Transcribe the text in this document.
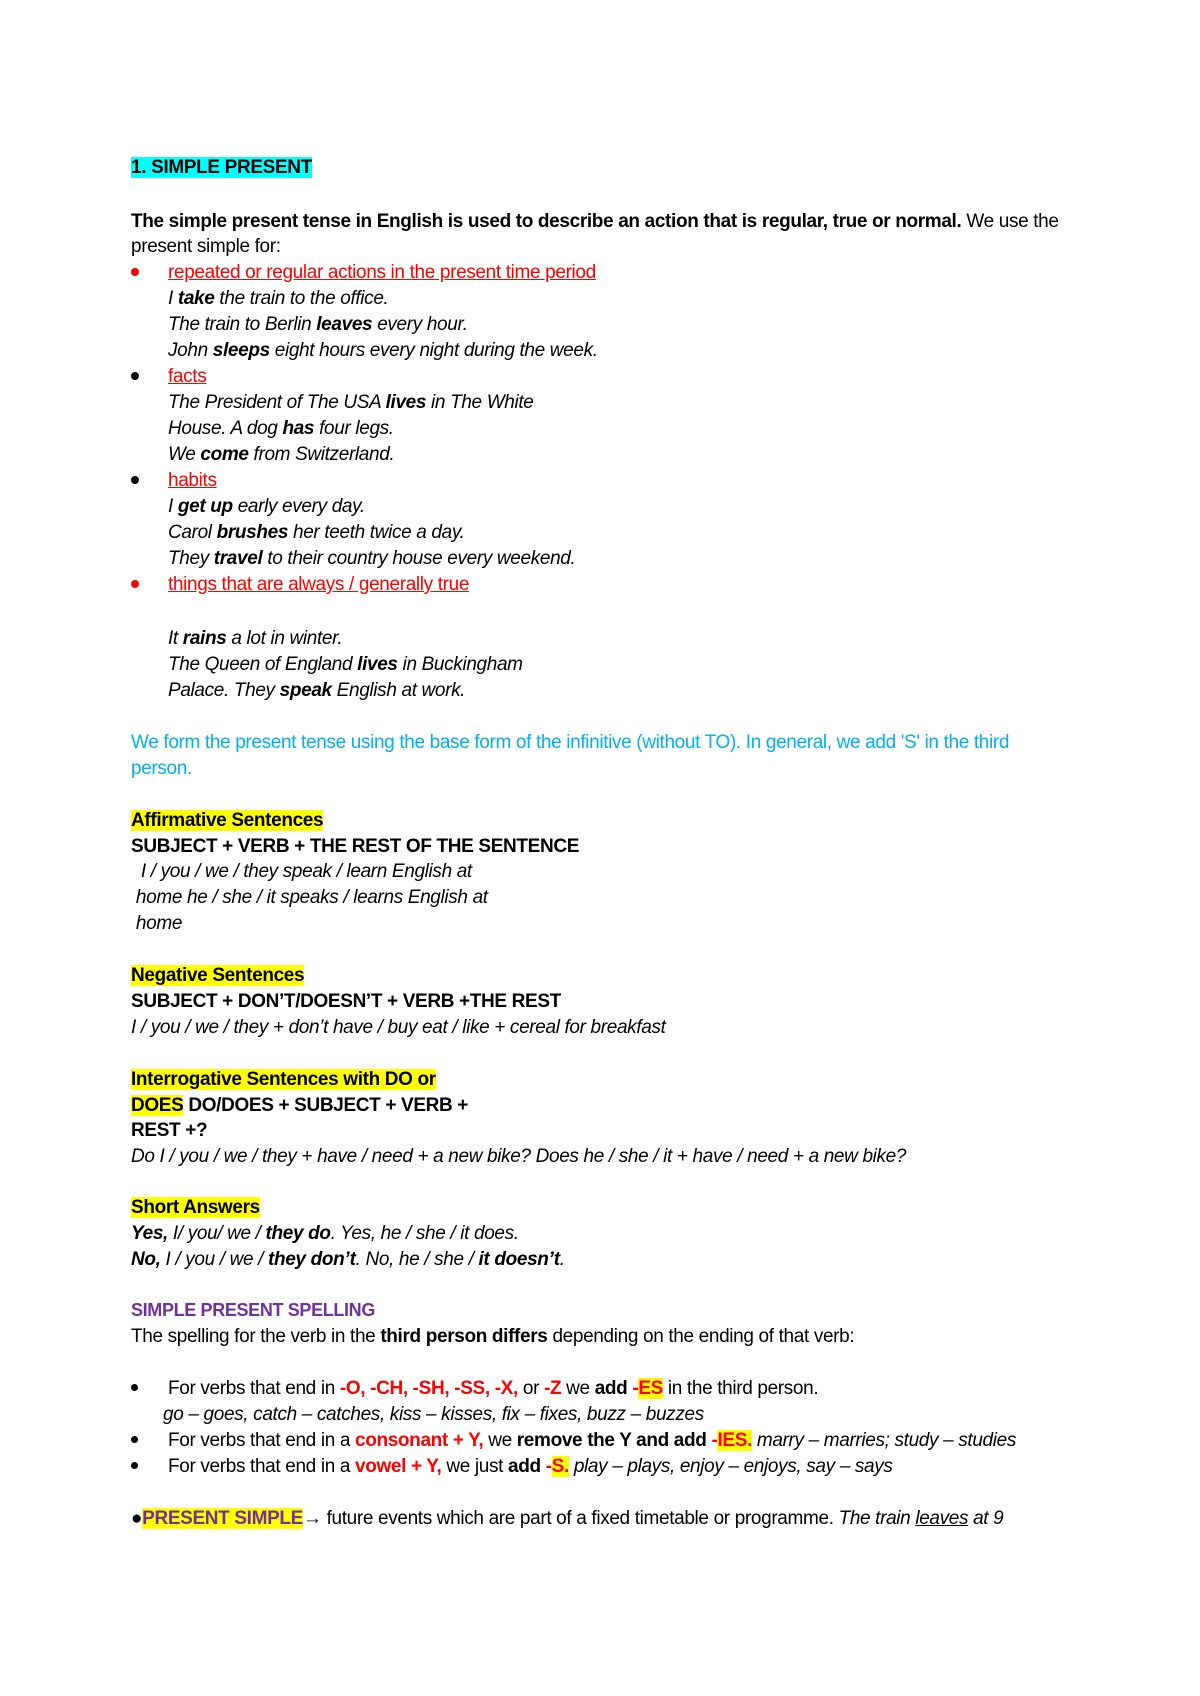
1. SIMPLE PRESENT
The simple present tense in English is used to describe an action that is regular, true or normal. We use the
present simple for:
repeated or regular actions in the present time period
I take the train to the office.
The train to Berlin leaves every hour.
John sleeps eight hours every night during the week.
facts
The President of The USA lives in The White
House. A dog has four legs.
We come from Switzerland.
habits
I get up early every day.
Carol brushes her teeth twice a day.
They travel to their country house every weekend.
things that are always / generally true
It rains a lot in winter.
The Queen of England lives in Buckingham
Palace. They speak English at work.
We form the present tense using the base form of the infinitive (without TO). In general, we add 'S' in the third
person.
Affirmative Sentences
SUBJECT + VERB + THE REST OF THE SENTENCE
I / you / we / they speak / learn English at
home he / she / it speaks / learns English at
home
Negative Sentences
SUBJECT + DON’T/DOESN’T + VERB +THE REST
I / you / we / they + don’t have / buy eat / like + cereal for breakfast
Interrogative Sentences with DO or
DOES DO/DOES + SUBJECT + VERB +
REST +?
Do I / you / we / they + have / need + a new bike? Does he / she / it + have / need + a new bike?
Short Answers
Yes, I/ you/ we / they do. Yes, he / she / it does.
No, I / you / we / they don’t. No, he / she / it doesn’t.
SIMPLE PRESENT SPELLING
The spelling for the verb in the third person differs depending on the ending of that verb:
For verbs that end in -O, -CH, -SH, -SS, -X, or -Z we add -ES in the third person.
go – goes, catch – catches, kiss – kisses, fix – fixes, buzz – buzzes
For verbs that end in a consonant + Y, we remove the Y and add -IES. marry – marries; study – studies
For verbs that end in a vowel + Y, we just add -S. play – plays, enjoy – enjoys, say – says
●PRESENT SIMPLE→ future events which are part of a fixed timetable or programme. The train leaves at 9
